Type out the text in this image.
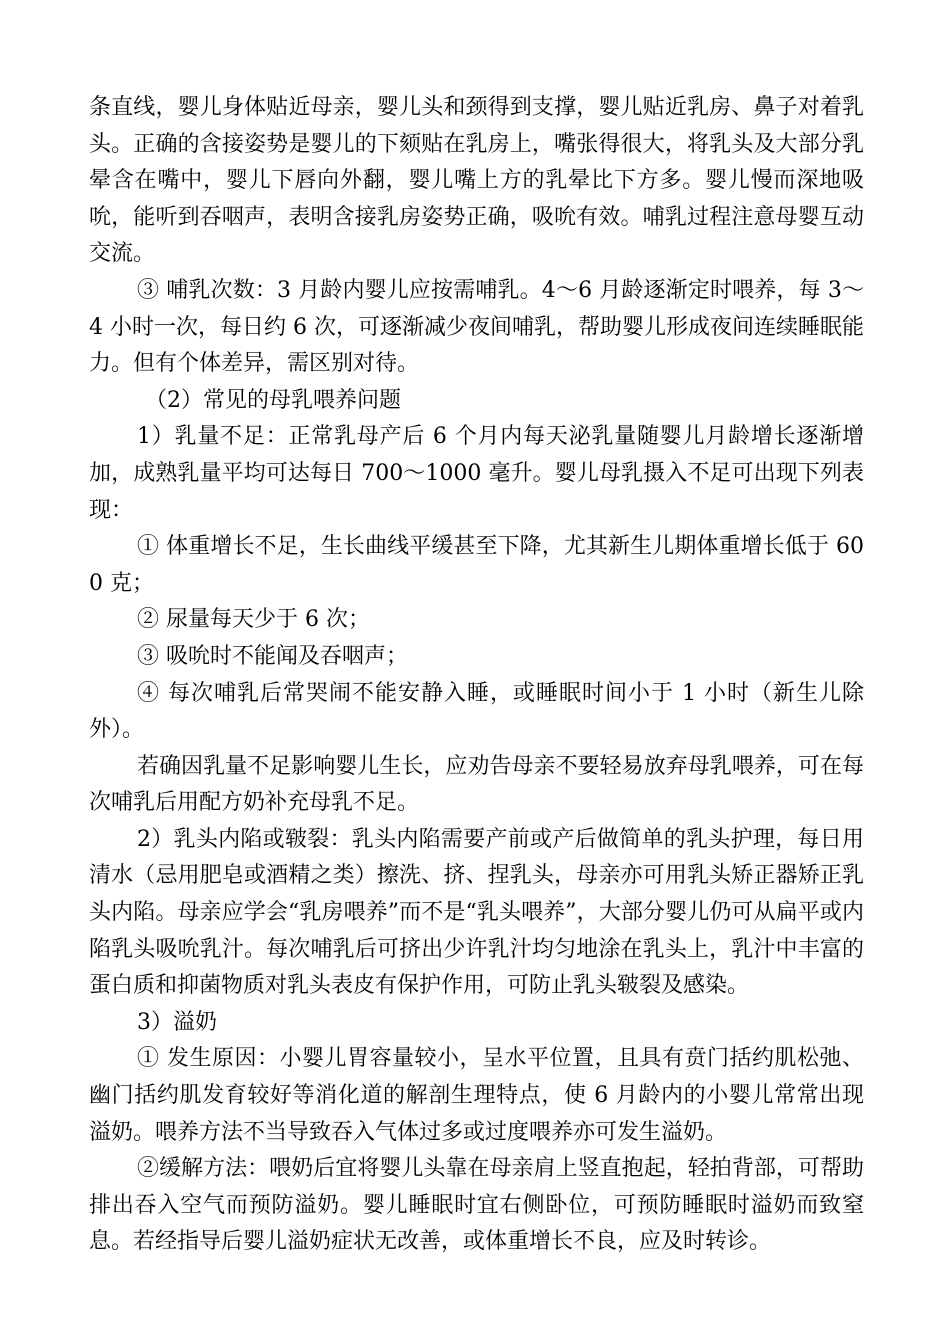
条直线，婴儿身体贴近母亲，婴儿头和颈得到支撑，婴儿贴近乳房、鼻子对着乳头。正确的含接姿势是婴儿的下颏贴在乳房上，嘴张得很大，将乳头及大部分乳晕含在嘴中，婴儿下唇向外翻，婴儿嘴上方的乳晕比下方多。婴儿慢而深地吸吮，能听到吞咽声，表明含接乳房姿势正确，吸吮有效。哺乳过程注意母婴互动交流。

③ 哺乳次数：3 月龄内婴儿应按需哺乳。4～6 月龄逐渐定时喂养，每 3～4 小时一次，每日约 6 次，可逐渐减少夜间哺乳，帮助婴儿形成夜间连续睡眠能力。但有个体差异，需区别对待。

（2）常见的母乳喂养问题

1）乳量不足：正常乳母产后 6 个月内每天泌乳量随婴儿月龄增长逐渐增加，成熟乳量平均可达每日 700～1000 毫升。婴儿母乳摄入不足可出现下列表现：

① 体重增长不足，生长曲线平缓甚至下降，尤其新生儿期体重增长低于 600 克；

② 尿量每天少于 6 次；

③ 吸吮时不能闻及吞咽声；

④ 每次哺乳后常哭闹不能安静入睡，或睡眠时间小于 1 小时（新生儿除外）。

若确因乳量不足影响婴儿生长，应劝告母亲不要轻易放弃母乳喂养，可在每次哺乳后用配方奶补充母乳不足。

2）乳头内陷或皲裂：乳头内陷需要产前或产后做简单的乳头护理，每日用清水（忌用肥皂或酒精之类）擦洗、挤、捏乳头，母亲亦可用乳头矫正器矫正乳头内陷。母亲应学会“乳房喂养”而不是“乳头喂养”，大部分婴儿仍可从扁平或内陷乳头吸吮乳汁。每次哺乳后可挤出少许乳汁均匀地涂在乳头上，乳汁中丰富的蛋白质和抑菌物质对乳头表皮有保护作用，可防止乳头皲裂及感染。

3）溢奶

① 发生原因：小婴儿胃容量较小，呈水平位置，且具有贲门括约肌松弛、幽门括约肌发育较好等消化道的解剖生理特点，使 6 月龄内的小婴儿常常出现溢奶。喂养方法不当导致吞入气体过多或过度喂养亦可发生溢奶。

②缓解方法：喂奶后宜将婴儿头靠在母亲肩上竖直抱起，轻拍背部，可帮助排出吞入空气而预防溢奶。婴儿睡眠时宜右侧卧位，可预防睡眠时溢奶而致窒息。若经指导后婴儿溢奶症状无改善，或体重增长不良，应及时转诊。
